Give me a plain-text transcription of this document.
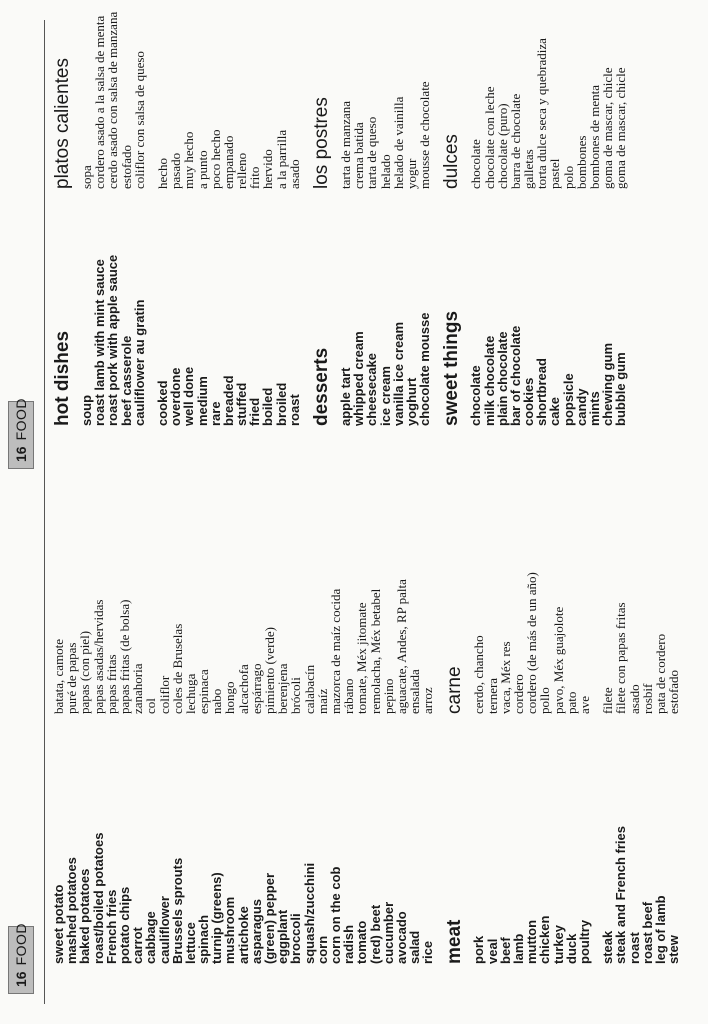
16
FOOD
16
FOOD
sweet potato
mashed potatoes
baked potatoes
roast/boiled potatoes
French fries
potato chips
carrot
cabbage
cauliflower
Brussels sprouts
lettuce
spinach
turnip (greens)
mushroom
artichoke
asparagus
(green) pepper
eggplant
broccoli
squash/zucchini
corn
corn on the cob
radish
tomato
(red) beet
cucumber
avocado
salad
rice meat pork
veal
beef
lamb
mutton
chicken
turkey
duck
poultry steak
steak and French fries
roast
roast beef
leg of lamb
stew
batata, camote
puré de papas
papas (con piel)
papas asadas/hervidas
papas fritas
papas fritas (de bolsa)
zanahoria
col
coliflor
coles de Bruselas
lechuga
espinaca
nabo
hongo
alcachofa
espárrago
pimiento (verde)
berenjena
brócoli
calabacín
maíz
mazorca de maíz cocida
rábano
tomate, Méx jitomate
remolacha, Méx betabel
pepino
aguacate, Andes, RP palta
ensalada
arroz carne cerdo, chancho
ternera
vaca, Méx res
cordero
cordero (de más de un año)
pollo
pavo, Méx guajolote
pato
ave filete
filete con papas fritas
asado
rosbif
pata de cordero
estofado
hot dishes soup
roast lamb with mint sauce
roast pork with apple sauce
beef casserole
cauliflower au gratin cooked
overdone
well done
medium
rare
breaded
stuffed
fried
boiled
broiled
roast desserts apple tart
whipped cream
cheesecake
ice cream
vanilla ice cream
yoghurt
chocolate mousse sweet things chocolate
milk chocolate
plain chocolate
bar of chocolate
cookies
shortbread
cake
popsicle
candy
mints
chewing gum
bubble gum
platos calientes sopa
cordero asado a la salsa de menta
cerdo asado con salsa de manzana
estofado
coliflor con salsa de queso hecho
pasado
muy hecho
a punto
poco hecho
empanado
relleno
frito
hervido
a la parrilla
asado los postres tarta de manzana
crema batida
tarta de queso
helado
helado de vainilla
yogur
mousse de chocolate dulces chocolate
chocolate con leche
chocolate (puro)
barra de chocolate
galletas
torta dulce seca y quebradiza
pastel
polo
bombones
bombones de menta
goma de mascar, chicle
goma de mascar, chicle
